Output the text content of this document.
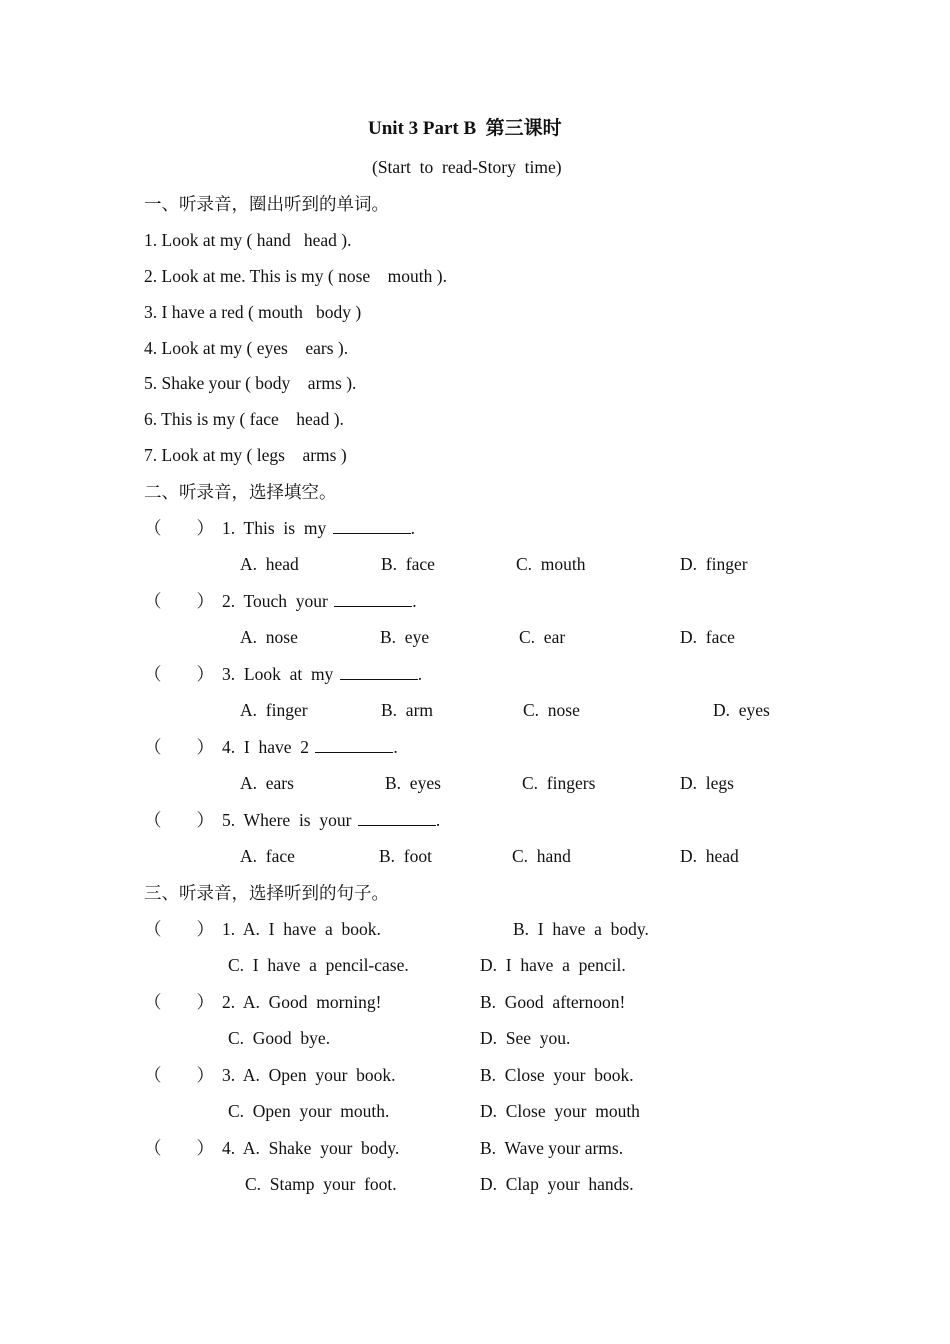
Unit 3 Part B  第三课时
(Start  to  read-Story  time)
一、听录音，圈出听到的单词。
1. Look at my ( hand   head ).
2. Look at me. This is my ( nose    mouth ).
3. I have a red ( mouth   body )
4. Look at my ( eyes    ears ).
5. Shake your ( body    arms ).
6. This is my ( face    head ).
7. Look at my ( legs    arms )
二、听录音，选择填空。
（        ） 1.  This  is  my	.
A.  head	B.  face	C.  mouth	D.  finger
（        ） 2.  Touch  your	.
A.  nose	B.  eye	C.  ear	D.  face
（        ） 3.  Look  at  my	.
A.  finger	B.  arm	C.  nose	D.  eyes
（        ） 4.  I  have  2	.
A.  ears	B.  eyes	C.  fingers	D.  legs
（        ） 5.  Where  is  your	.
A.  face	B.  foot	C.  hand	D.  head
三、听录音，选择听到的句子。
（        ） 1.  A.  I  have  a  book.	B.  I  have  a  body.
C.  I  have  a  pencil-case.	D.  I  have  a  pencil.
（        ） 2.  A.  Good  morning!	B.  Good  afternoon!
C.  Good  bye.	D.  See  you.
（        ） 3.  A.  Open  your  book.	B.  Close  your  book.
C.  Open  your  mouth.	D.  Close  your  mouth
（        ） 4.  A.  Shake  your  body.	B.  Wave your arms.
C.  Stamp  your  foot.	D.  Clap  your  hands.
